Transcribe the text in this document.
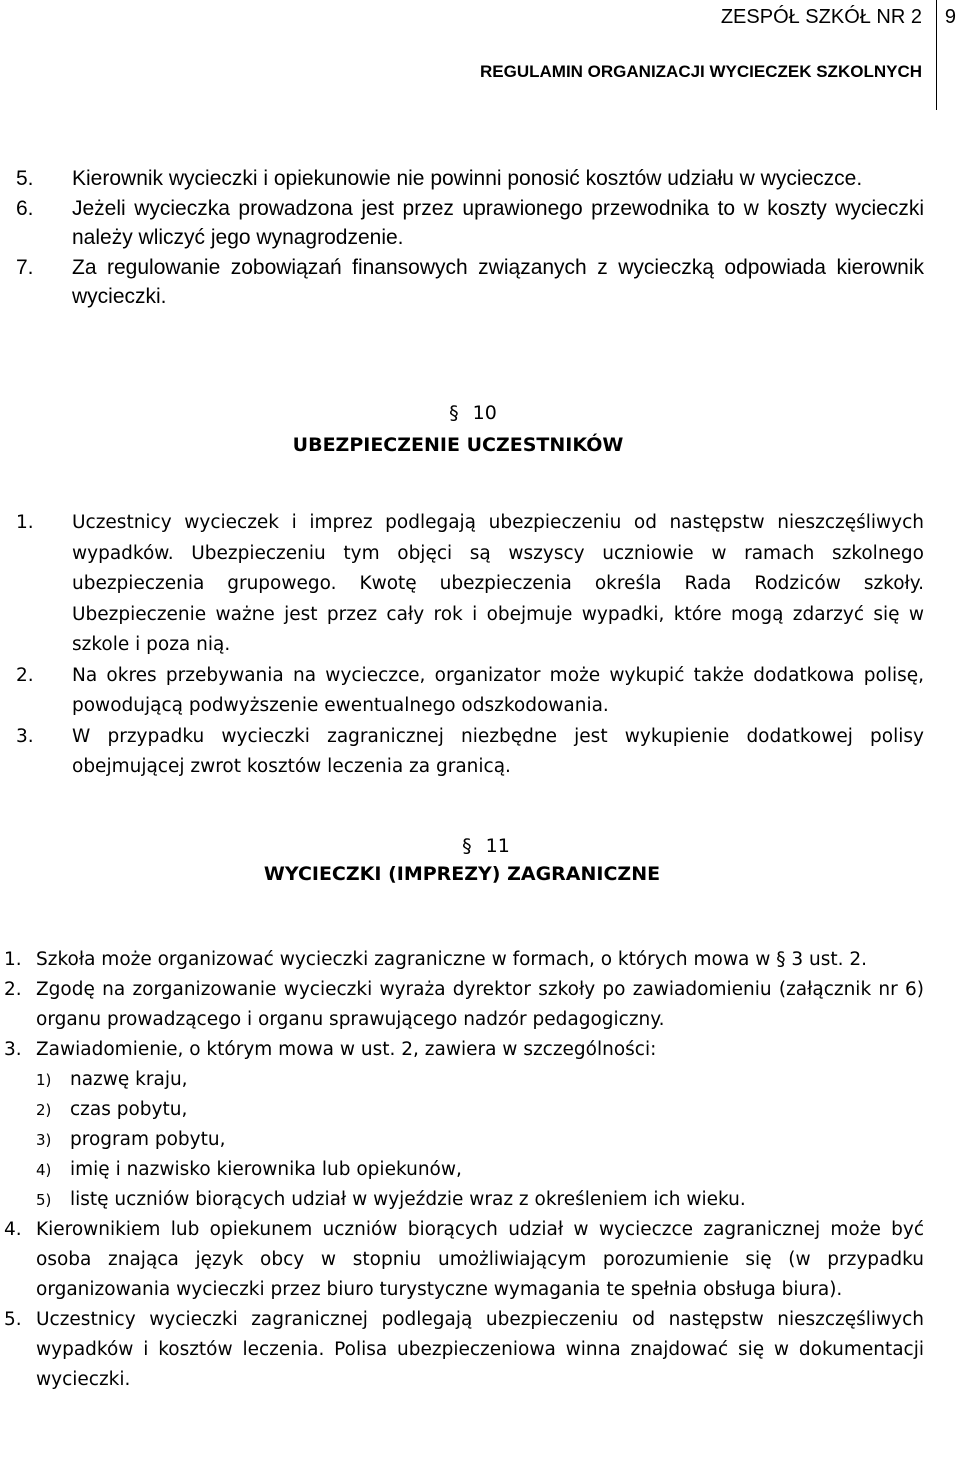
ZESPÓŁ SZKÓŁ NR 2 9
REGULAMIN ORGANIZACJI WYCIECZEK SZKOLNYCH
5. Kierownik wycieczki i opiekunowie nie powinni ponosić kosztów udziału w wycieczce.
6. Jeżeli wycieczka prowadzona jest przez uprawionego przewodnika to w koszty wycieczki należy wliczyć jego wynagrodzenie.
7. Za regulowanie zobowiązań finansowych związanych z wycieczką odpowiada kierownik wycieczki.
§ 10
UBEZPIECZENIE UCZESTNIKÓW
1. Uczestnicy wycieczek i imprez podlegają ubezpieczeniu od następstw nieszczęśliwych wypadków. Ubezpieczeniu tym objęci są wszyscy uczniowie w ramach szkolnego ubezpieczenia grupowego. Kwotę ubezpieczenia określa Rada Rodziców szkoły. Ubezpieczenie ważne jest przez cały rok i obejmuje wypadki, które mogą zdarzyć się w szkole i poza nią.
2. Na okres przebywania na wycieczce, organizator może wykupić także dodatkowa polisę, powodującą podwyższenie ewentualnego odszkodowania.
3. W przypadku wycieczki zagranicznej niezbędne jest wykupienie dodatkowej polisy obejmującej zwrot kosztów leczenia za granicą.
§ 11
WYCIECZKI (IMPREZY) ZAGRANICZNE
1. Szkoła może organizować wycieczki zagraniczne w formach, o których mowa w § 3 ust. 2.
2. Zgodę na zorganizowanie wycieczki wyraża dyrektor szkoły po zawiadomieniu (załącznik nr 6) organu prowadzącego i organu sprawującego nadzór pedagogiczny.
3. Zawiadomienie, o którym mowa w ust. 2, zawiera w szczególności:
1) nazwę kraju,
2) czas pobytu,
3) program pobytu,
4) imię i nazwisko kierownika lub opiekunów,
5) listę uczniów biorących udział w wyjeździe wraz z określeniem ich wieku.
4. Kierownikiem lub opiekunem uczniów biorących udział w wycieczce zagranicznej może być osoba znająca język obcy w stopniu umożliwiającym porozumienie się (w przypadku organizowania wycieczki przez biuro turystyczne wymagania te spełnia obsługa biura).
5. Uczestnicy wycieczki zagranicznej podlegają ubezpieczeniu od następstw nieszczęśliwych wypadków i kosztów leczenia. Polisa ubezpieczeniowa winna znajdować się w dokumentacji wycieczki.
